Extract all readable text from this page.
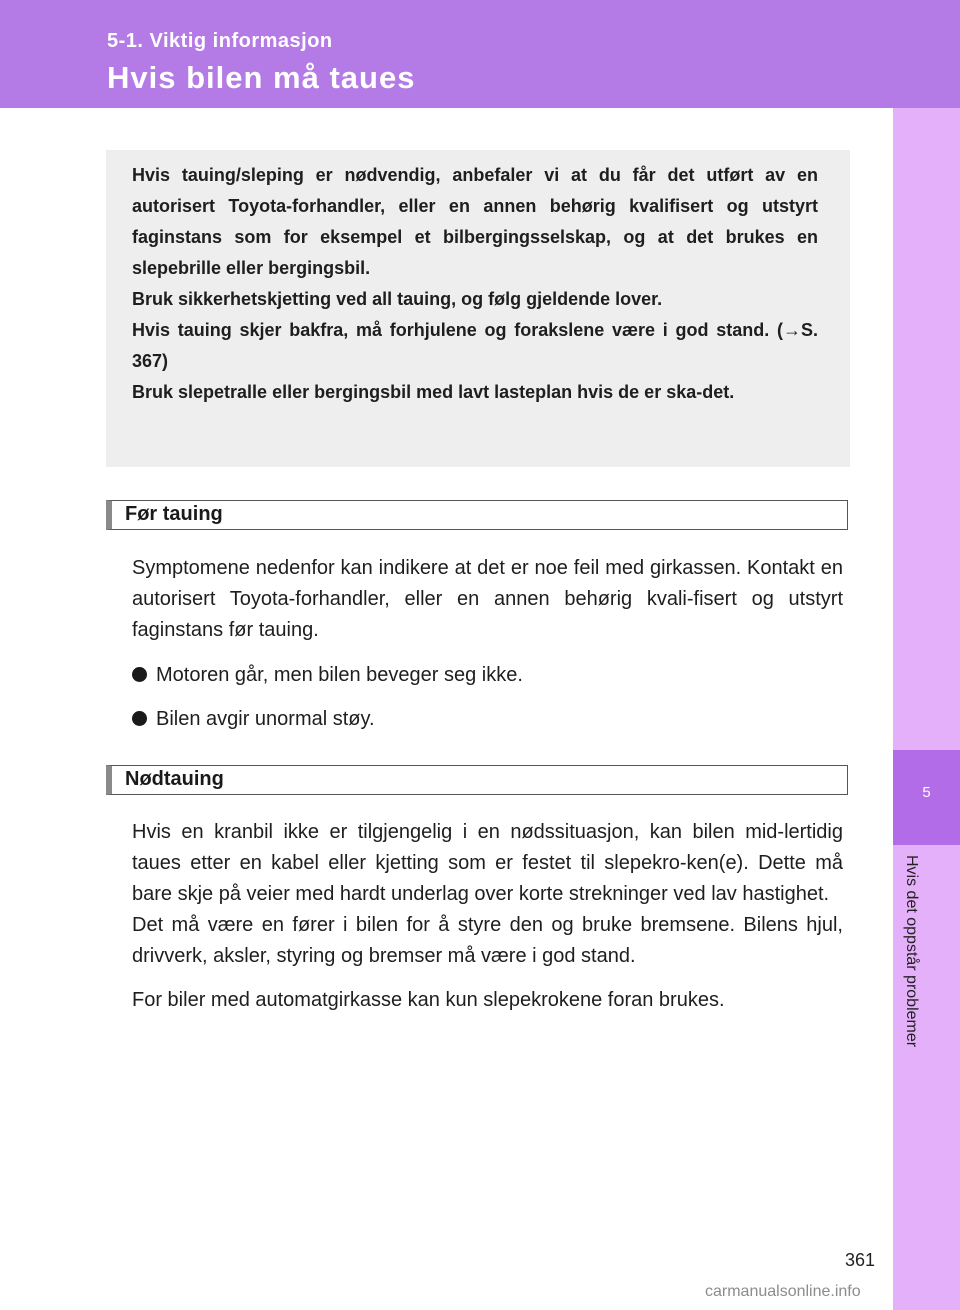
5-1. Viktig informasjon
Hvis bilen må taues
5
Hvis det oppstår problemer

Hvis tauing/sleping er nødvendig, anbefaler vi at du får det utført av en autorisert Toyota-forhandler, eller en annen behørig kvalifisert og utstyrt faginstans som for eksempel et bilbergingsselskap, og at det brukes en slepebrille eller bergingsbil.

Bruk sikkerhetskjetting ved all tauing, og følg gjeldende lover.

Hvis tauing skjer bakfra, må forhjulene og forakslene være i god stand. (→S. 367)

Bruk slepetralle eller bergingsbil med lavt lasteplan hvis de er ska-det.

Før tauing

Symptomene nedenfor kan indikere at det er noe feil med girkassen. Kontakt en autorisert Toyota-forhandler, eller en annen behørig kvali-fisert og utstyrt faginstans før tauing.

Motoren går, men bilen beveger seg ikke.
Bilen avgir unormal støy.
Nødtauing

Hvis en kranbil ikke er tilgjengelig i en nødssituasjon, kan bilen mid-lertidig taues etter en kabel eller kjetting som er festet til slepekro-ken(e). Dette må bare skje på veier med hardt underlag over korte strekninger ved lav hastighet.

Det må være en fører i bilen for å styre den og bruke bremsene. Bilens hjul, drivverk, aksler, styring og bremser må være i god stand.

For biler med automatgirkasse kan kun slepekrokene foran brukes.

361
carmanualsonline.info
